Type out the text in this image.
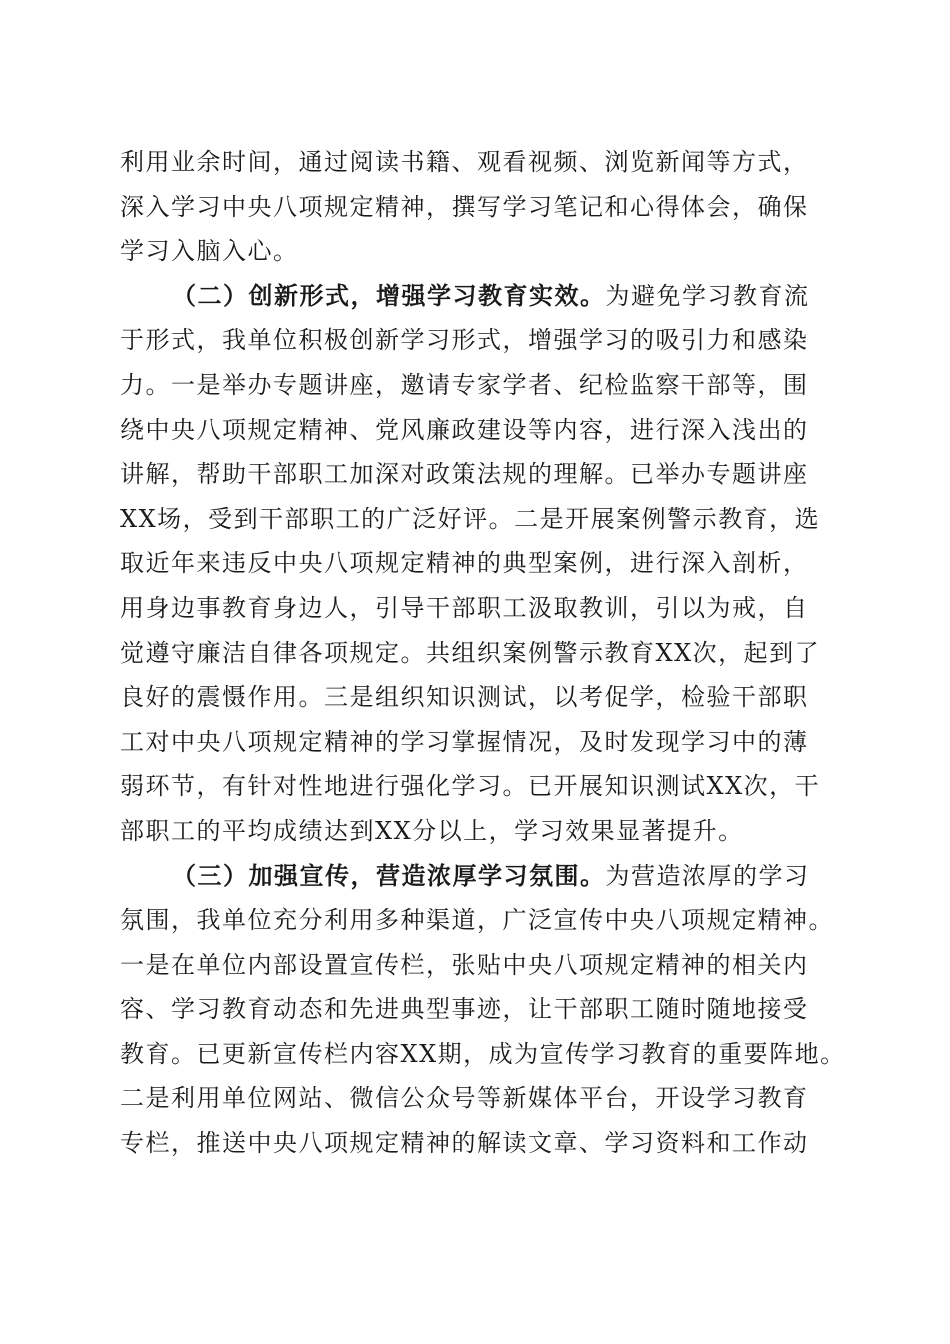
利用业余时间，通过阅读书籍、观看视频、浏览新闻等方式，
深入学习中央八项规定精神，撰写学习笔记和心得体会，确保
学习入脑入心。
（二）创新形式，增强学习教育实效。为避免学习教育流
于形式，我单位积极创新学习形式，增强学习的吸引力和感染
力。一是举办专题讲座，邀请专家学者、纪检监察干部等，围
绕中央八项规定精神、党风廉政建设等内容，进行深入浅出的
讲解，帮助干部职工加深对政策法规的理解。已举办专题讲座
XX场，受到干部职工的广泛好评。二是开展案例警示教育，选
取近年来违反中央八项规定精神的典型案例，进行深入剖析，
用身边事教育身边人，引导干部职工汲取教训，引以为戒，自
觉遵守廉洁自律各项规定。共组织案例警示教育XX次，起到了
良好的震慑作用。三是组织知识测试，以考促学，检验干部职
工对中央八项规定精神的学习掌握情况，及时发现学习中的薄
弱环节，有针对性地进行强化学习。已开展知识测试XX次，干
部职工的平均成绩达到XX分以上，学习效果显著提升。
（三）加强宣传，营造浓厚学习氛围。为营造浓厚的学习
氛围，我单位充分利用多种渠道，广泛宣传中央八项规定精神。
一是在单位内部设置宣传栏，张贴中央八项规定精神的相关内
容、学习教育动态和先进典型事迹，让干部职工随时随地接受
教育。已更新宣传栏内容XX期，成为宣传学习教育的重要阵地。
二是利用单位网站、微信公众号等新媒体平台，开设学习教育
专栏，推送中央八项规定精神的解读文章、学习资料和工作动
